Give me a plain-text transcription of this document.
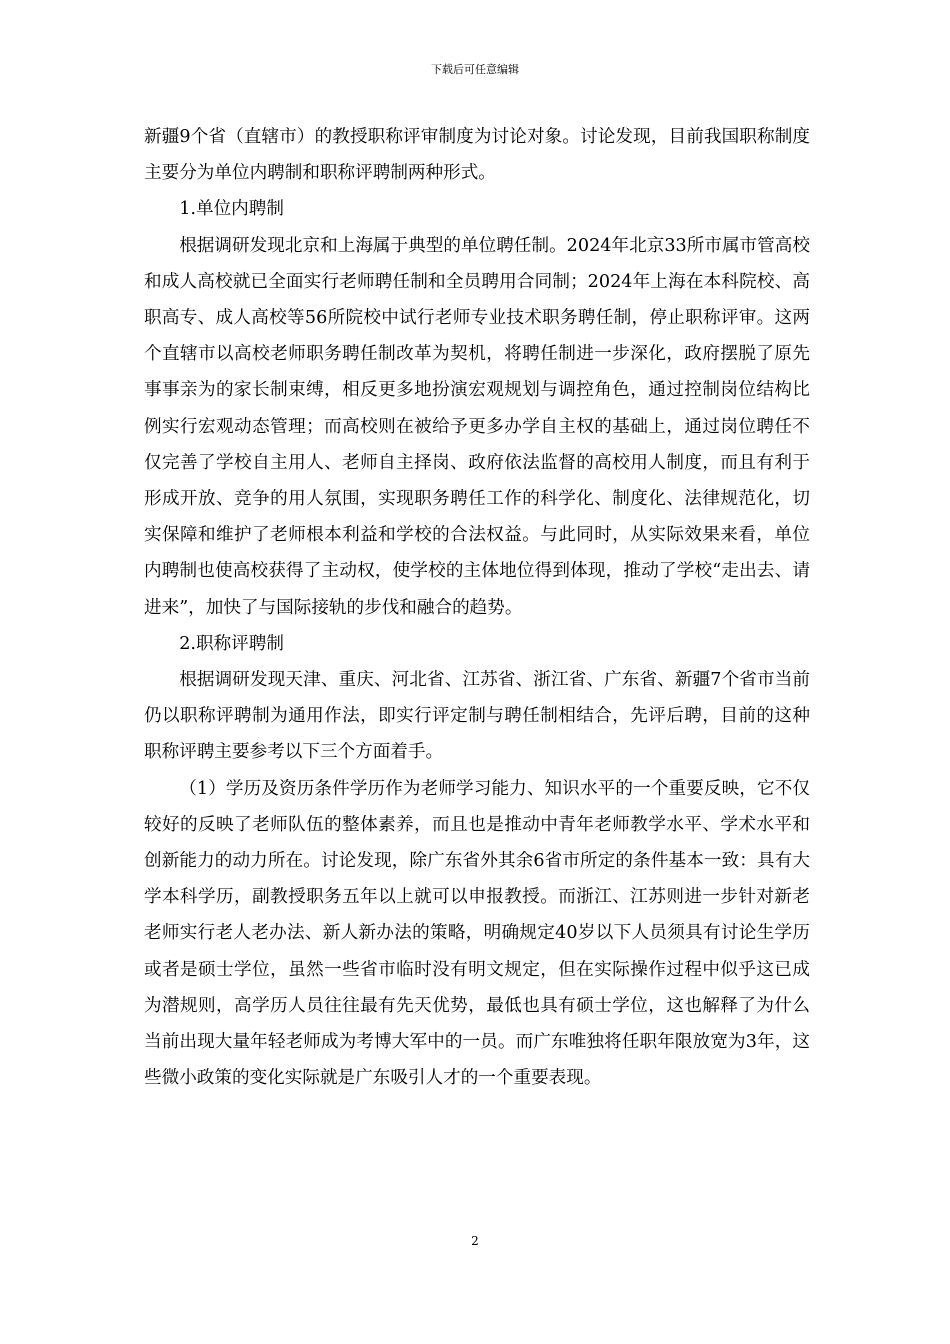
下载后可任意编辑

新疆9个省（直辖市）的教授职称评审制度为讨论对象。讨论发现，目前我国职称制度主要分为单位内聘制和职称评聘制两种形式。

1.单位内聘制

根据调研发现北京和上海属于典型的单位聘任制。2024年北京33所市属市管高校和成人高校就已全面实行老师聘任制和全员聘用合同制；2024年上海在本科院校、高职高专、成人高校等56所院校中试行老师专业技术职务聘任制，停止职称评审。这两个直辖市以高校老师职务聘任制改革为契机，将聘任制进一步深化，政府摆脱了原先事事亲为的家长制束缚，相反更多地扮演宏观规划与调控角色，通过控制岗位结构比例实行宏观动态管理；而高校则在被给予更多办学自主权的基础上，通过岗位聘任不仅完善了学校自主用人、老师自主择岗、政府依法监督的高校用人制度，而且有利于形成开放、竞争的用人氛围，实现职务聘任工作的科学化、制度化、法律规范化，切实保障和维护了老师根本利益和学校的合法权益。与此同时，从实际效果来看，单位内聘制也使高校获得了主动权，使学校的主体地位得到体现，推动了学校“走出去、请进来”，加快了与国际接轨的步伐和融合的趋势。

2.职称评聘制

根据调研发现天津、重庆、河北省、江苏省、浙江省、广东省、新疆7个省市当前仍以职称评聘制为通用作法，即实行评定制与聘任制相结合，先评后聘，目前的这种职称评聘主要参考以下三个方面着手。

（1）学历及资历条件学历作为老师学习能力、知识水平的一个重要反映，它不仅较好的反映了老师队伍的整体素养，而且也是推动中青年老师教学水平、学术水平和创新能力的动力所在。讨论发现，除广东省外其余6省市所定的条件基本一致：具有大学本科学历，副教授职务五年以上就可以申报教授。而浙江、江苏则进一步针对新老老师实行老人老办法、新人新办法的策略，明确规定40岁以下人员须具有讨论生学历或者是硕士学位，虽然一些省市临时没有明文规定，但在实际操作过程中似乎这已成为潜规则，高学历人员往往最有先天优势，最低也具有硕士学位，这也解释了为什么当前出现大量年轻老师成为考博大军中的一员。而广东唯独将任职年限放宽为3年，这些微小政策的变化实际就是广东吸引人才的一个重要表现。

2
